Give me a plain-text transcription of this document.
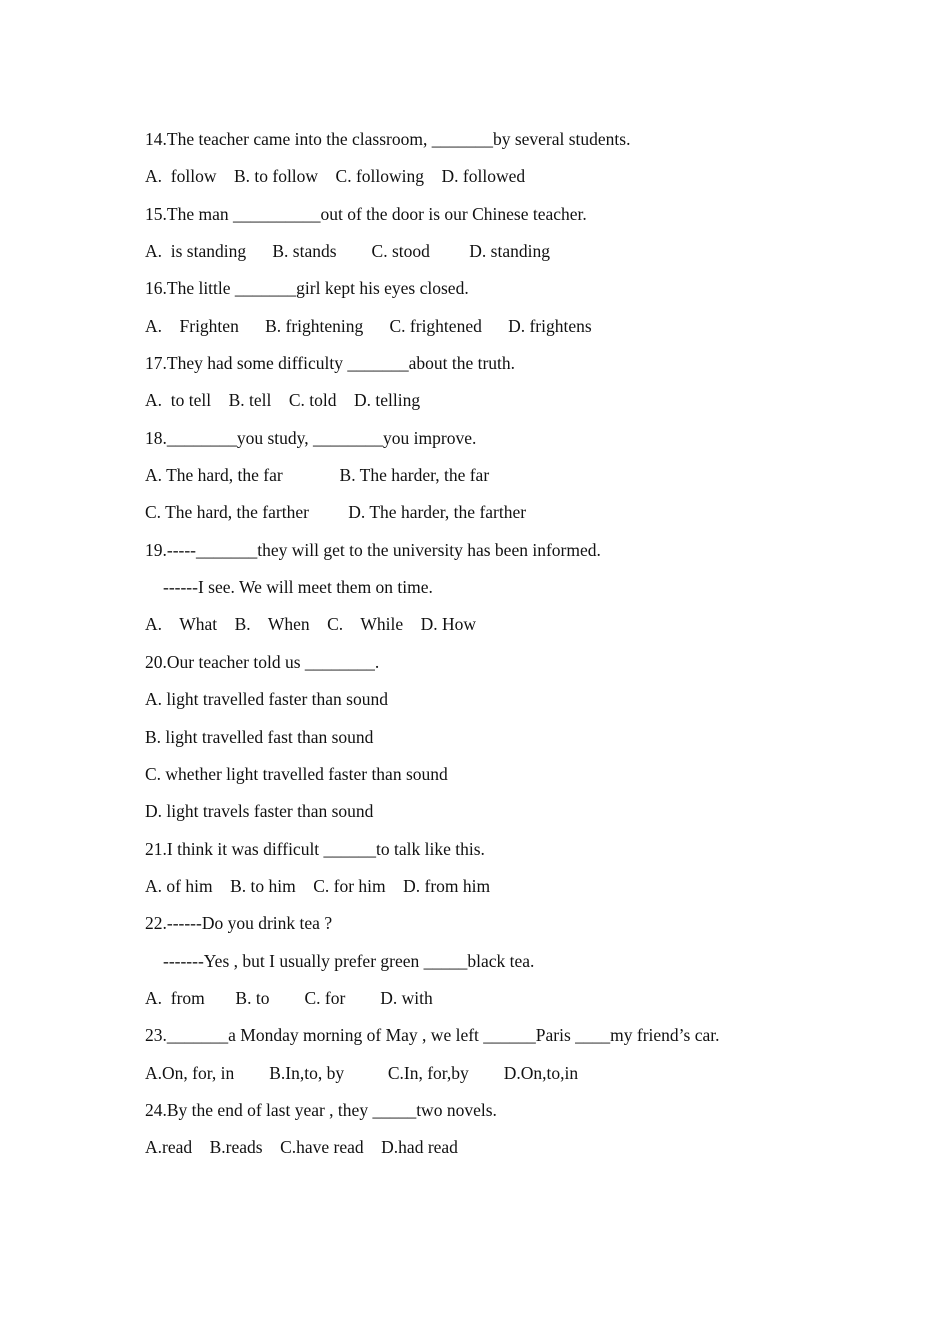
14.The teacher came into the classroom, _______by several students.
A.  follow    B. to follow    C. following    D. followed
15.The man __________out of the door is our Chinese teacher.
A.  is standing      B. stands        C. stood         D. standing
16.The little _______girl kept his eyes closed.
A.    Frighten      B. frightening      C. frightened      D. frightens
17.They had some difficulty _______about the truth.
A.  to tell    B. tell    C. told    D. telling
18.________you study, ________you improve.
A. The hard, the far             B. The harder, the far
C. The hard, the farther         D. The harder, the farther
19.-----_______they will get to the university has been informed.
------I see. We will meet them on time.
A.    What    B.    When    C.    While    D. How
20.Our teacher told us ________.
A. light travelled faster than sound
B. light travelled fast than sound
C. whether light travelled faster than sound
D. light travels faster than sound
21.I think it was difficult ______to talk like this.
A. of him    B. to him    C. for him    D. from him
22.------Do you drink tea ?
-------Yes , but I usually prefer green _____black tea.
A.  from       B. to        C. for        D. with
23._______a Monday morning of May , we left ______Paris ____my friend’s car.
A.On, for, in        B.In,to, by          C.In, for,by        D.On,to,in
24.By the end of last year , they _____two novels.
A.read    B.reads    C.have read    D.had read
